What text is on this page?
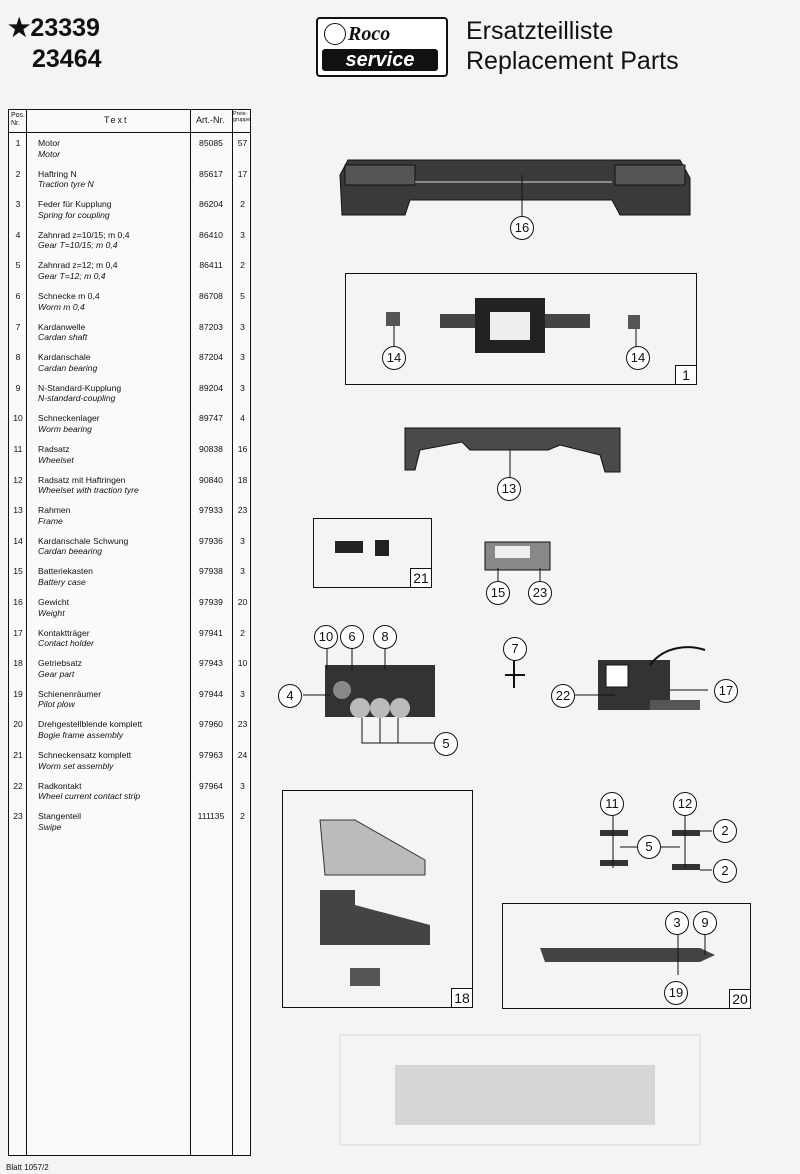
★23339
23464
Roco
service
Ersatzteilliste
Replacement Parts
Pos. Nr.	Text	Art.-Nr.
Preis-gruppe
1	Motor
Motor
85085	57
2	Haftring N
Traction tyre N
85617	17
3	Feder für Kupplung
Spring for coupling
86204	2
4	Zahnrad z=10/15; m 0,4
Gear T=10/15; m 0,4
86410	3
5	Zahnrad z=12; m 0,4
Gear T=12; m 0,4
86411	2
6	Schnecke m 0,4
Worm m 0,4
86708	5
7	Kardanwelle
Cardan shaft
87203	3
8	Kardanschale
Cardan bearing
87204	3
9	N-Standard-Kupplung
N-standard-coupling
89204	3
10 Schneckenlager
Worm bearing
89747	4
11 Radsatz
Wheelset
90838	16
12 Radsatz mit Haftringen
Wheelset with traction tyre
90840	18
13 Rahmen
Frame
97933	23
14 Kardanschale Schwung
Cardan beearing
97936	3
15 Batteriekasten
Battery case
97938	3
16 Gewicht
Weight
97939	20
17 Kontaktträger
Contact holder
97941	2
18 Getriebsatz
Gear part
97943	10
19 Schienenräumer
Pilot plow
97944	3
20 Drehgestellblende komplett
Bogie frame assembly
97960	23
21 Schneckensatz komplett
Worm set assembly
97963	24
22 Radkontakt
Wheel current contact strip
97964	3
23 Stangenteil
Swipe
111135	2
1
21
18	20
16
14	14
13
15	23
10	6	8
4
5
7
22	17
11	12
2
5
2
3	9
19
Blatt 1057/2
